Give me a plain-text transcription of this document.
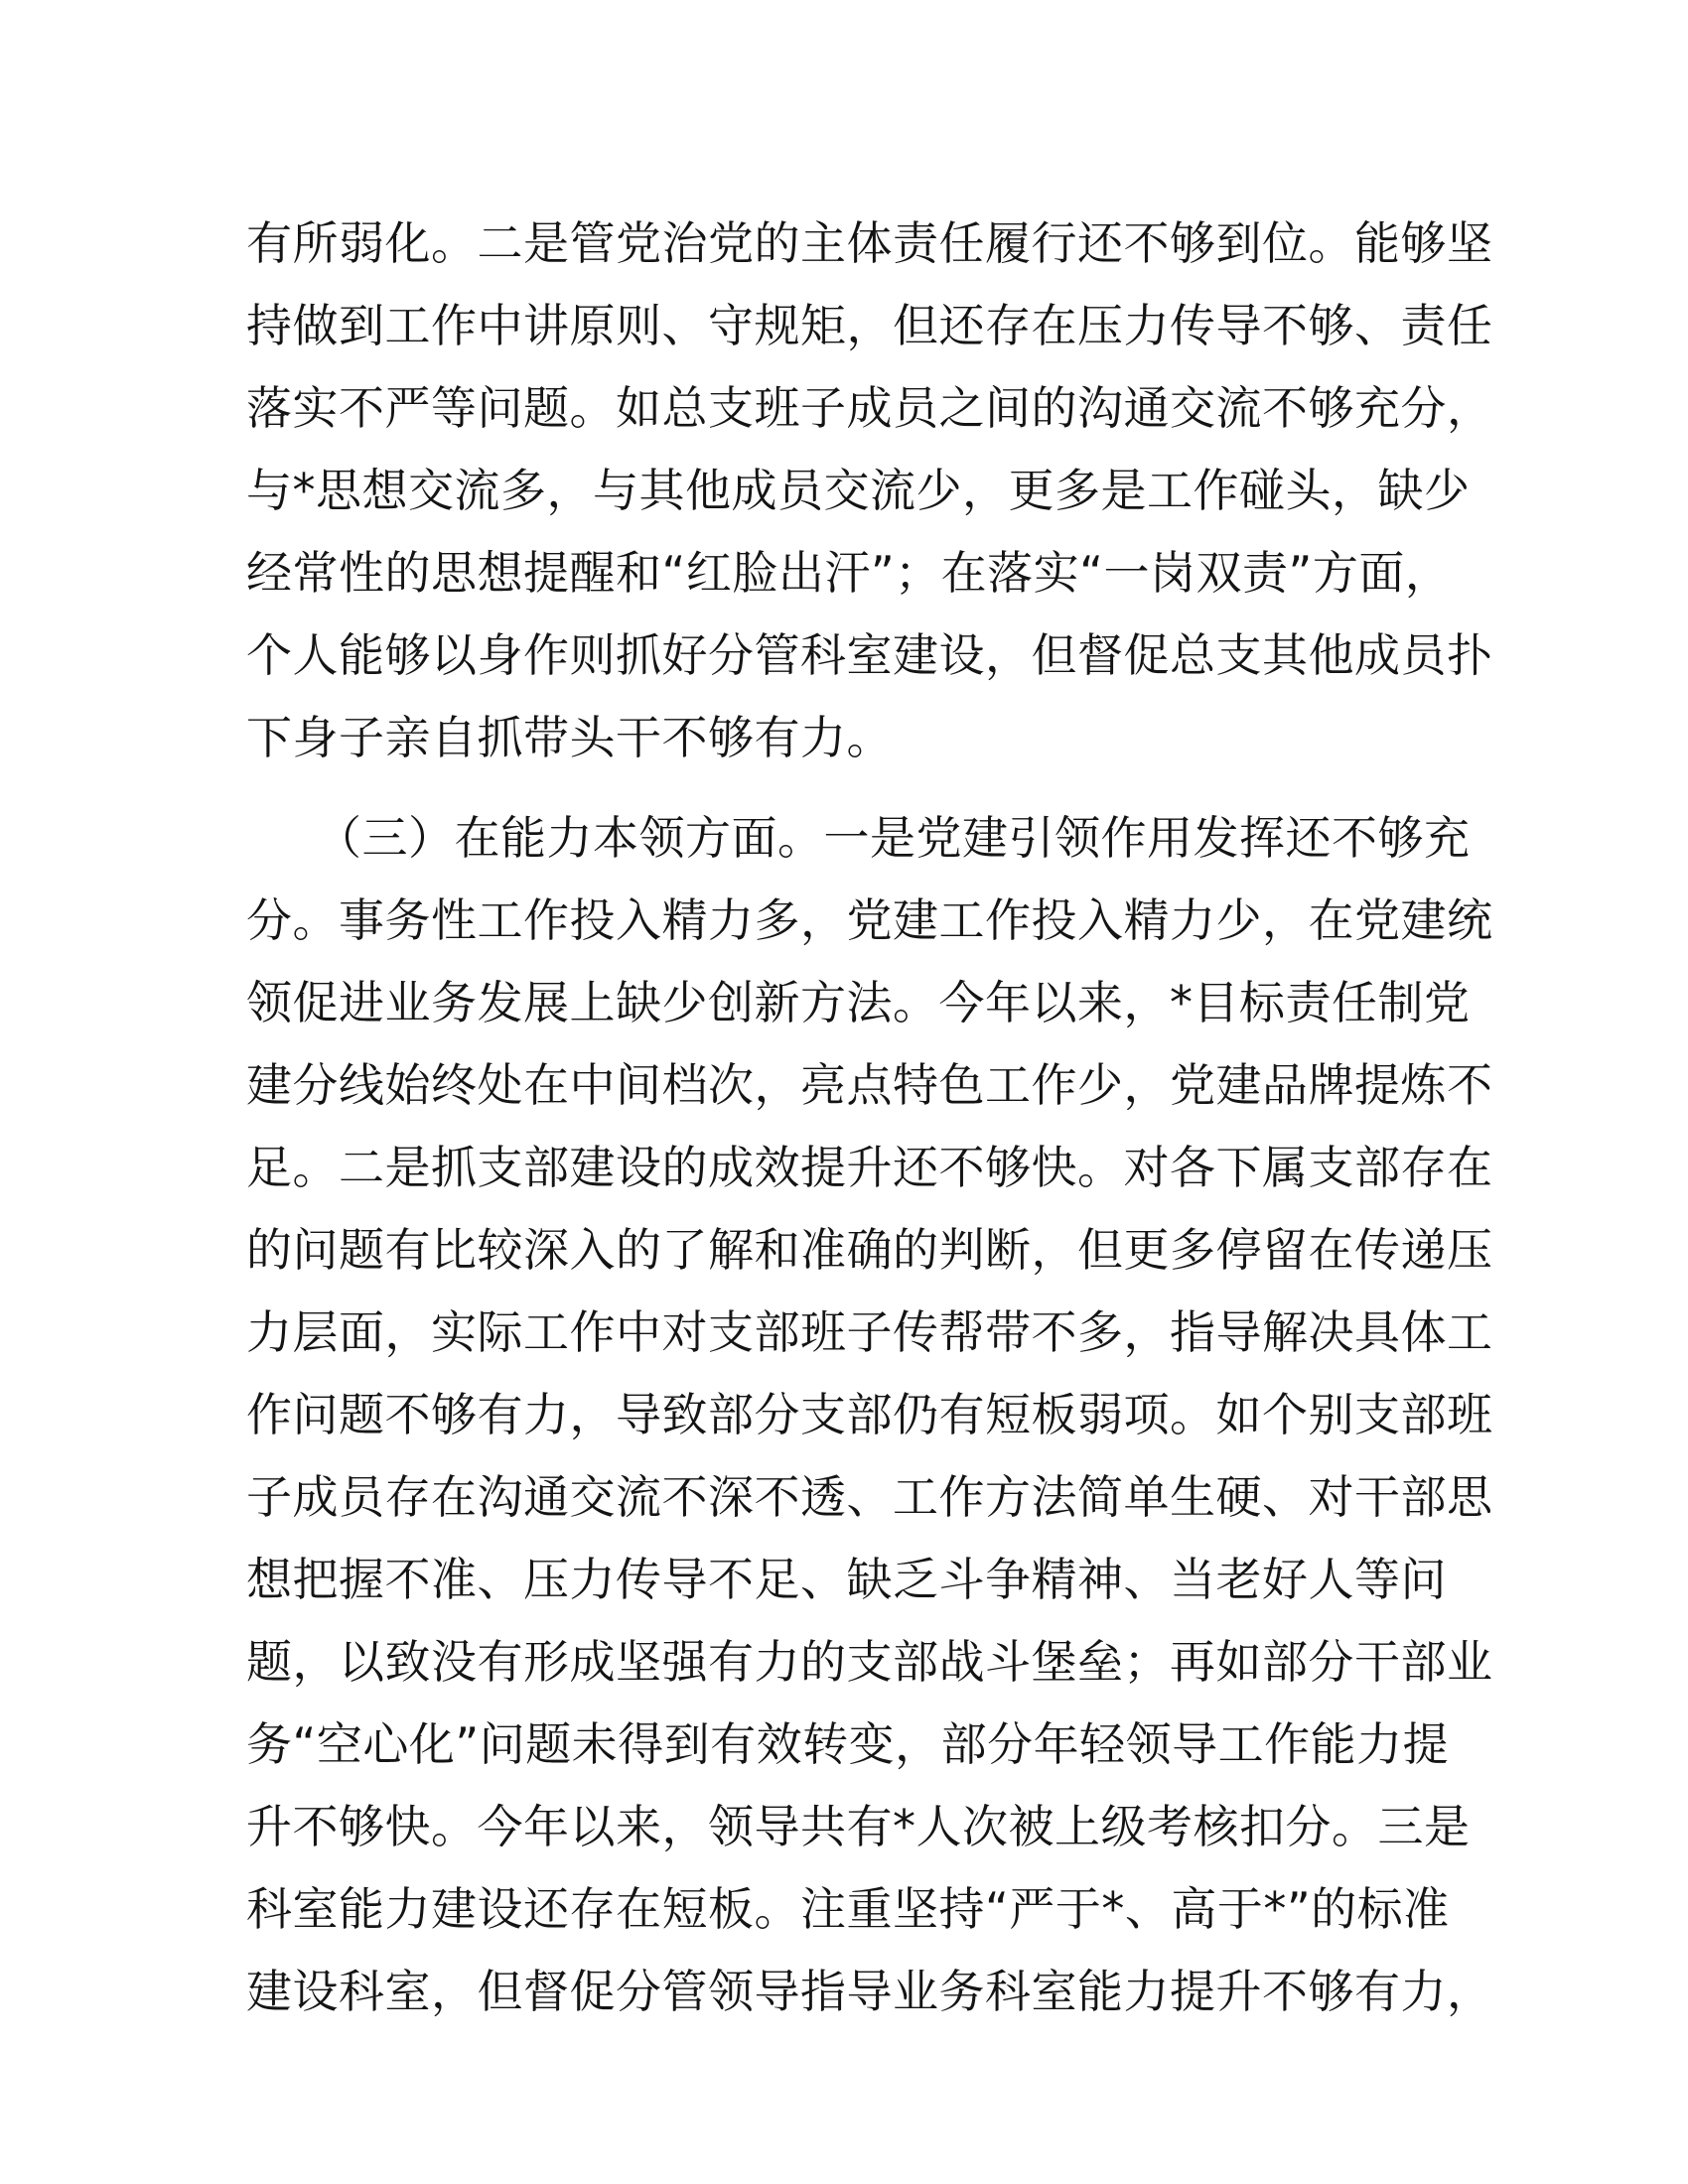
有所弱化。二是管党治党的主体责任履行还不够到位。能够坚
持做到工作中讲原则、守规矩，但还存在压力传导不够、责任
落实不严等问题。如总支班子成员之间的沟通交流不够充分，
与*思想交流多，与其他成员交流少，更多是工作碰头，缺少
经常性的思想提醒和“红脸出汗”；在落实“一岗双责”方面，
个人能够以身作则抓好分管科室建设，但督促总支其他成员扑
下身子亲自抓带头干不够有力。
　　（三）在能力本领方面。一是党建引领作用发挥还不够充
分。事务性工作投入精力多，党建工作投入精力少，在党建统
领促进业务发展上缺少创新方法。今年以来，*目标责任制党
建分线始终处在中间档次，亮点特色工作少，党建品牌提炼不
足。二是抓支部建设的成效提升还不够快。对各下属支部存在
的问题有比较深入的了解和准确的判断，但更多停留在传递压
力层面，实际工作中对支部班子传帮带不多，指导解决具体工
作问题不够有力，导致部分支部仍有短板弱项。如个别支部班
子成员存在沟通交流不深不透、工作方法简单生硬、对干部思
想把握不准、压力传导不足、缺乏斗争精神、当老好人等问
题，以致没有形成坚强有力的支部战斗堡垒；再如部分干部业
务“空心化”问题未得到有效转变，部分年轻领导工作能力提
升不够快。今年以来，领导共有*人次被上级考核扣分。三是
科室能力建设还存在短板。注重坚持“严于*、高于*”的标准
建设科室，但督促分管领导指导业务科室能力提升不够有力，
